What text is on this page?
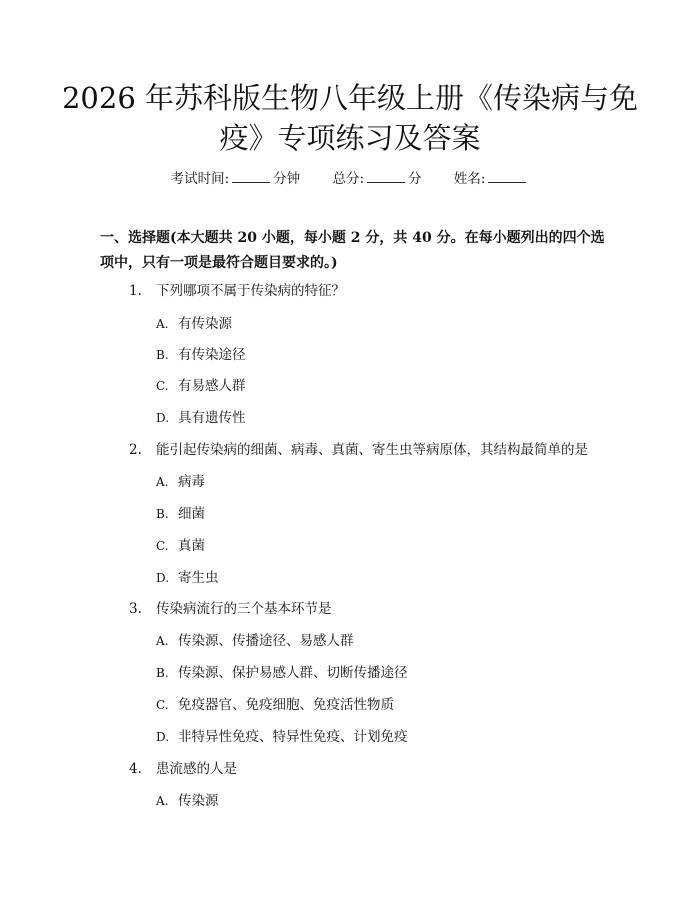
2026 年苏科版生物八年级上册《传染病与免疫》专项练习及答案
考试时间:	分钟 总分:	分 姓名:

一、选择题(本大题共 20 小题，每小题 2 分，共 40 分。在每小题列出的四个选项中，只有一项是最符合题目要求的。)

1. 下列哪项不属于传染病的特征？
A. 有传染源
B. 有传染途径
C. 有易感人群
D. 具有遗传性
2. 能引起传染病的细菌、病毒、真菌、寄生虫等病原体，其结构最简单的是
A. 病毒
B. 细菌
C. 真菌
D. 寄生虫
3. 传染病流行的三个基本环节是
A. 传染源、传播途径、易感人群
B. 传染源、保护易感人群、切断传播途径
C. 免疫器官、免疫细胞、免疫活性物质
D. 非特异性免疫、特异性免疫、计划免疫
4. 患流感的人是
A. 传染源
